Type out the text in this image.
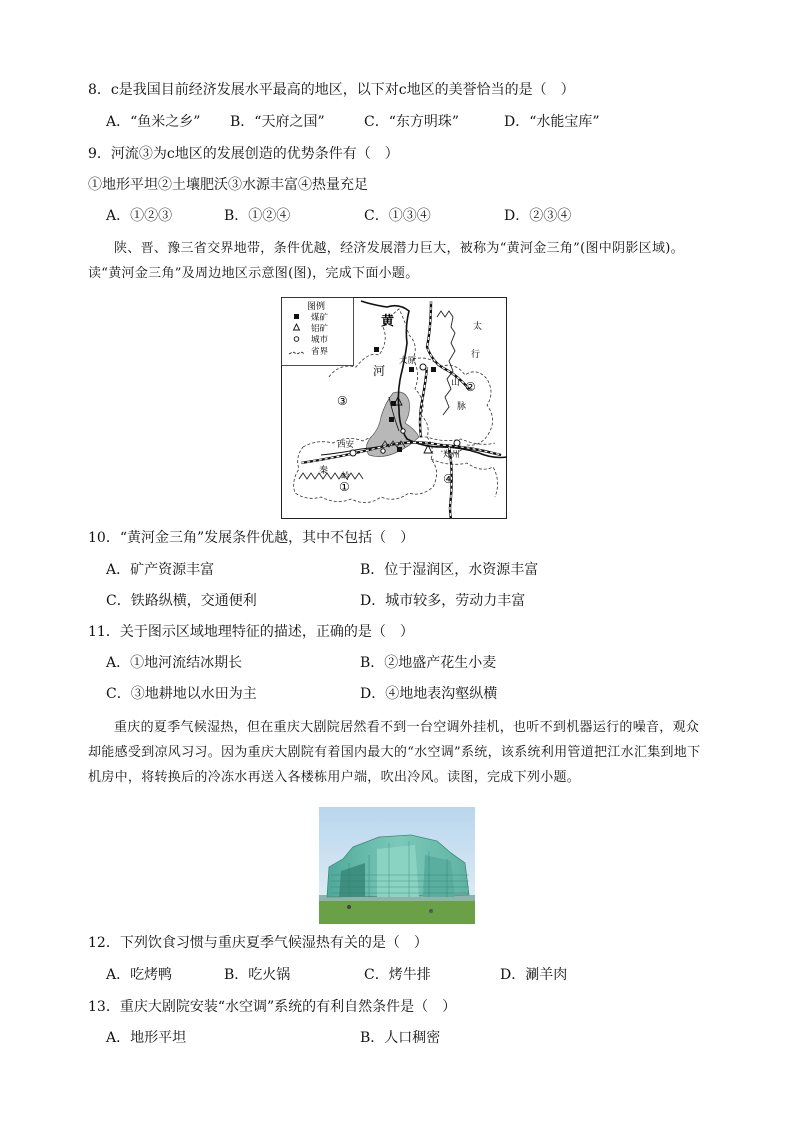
8．c是我国目前经济发展水平最高的地区，以下对c地区的美誉恰当的是（　）
A．“鱼米之乡” B．“天府之国”	C．“东方明珠”	D．“水能宝库”
9．河流③为c地区的发展创造的优势条件有（　）
①地形平坦②土壤肥沃③水源丰富④热量充足
A．①②③	B．①②④	C．①③④	D．②③④
陕、晋、豫三省交界地带，条件优越，经济发展潜力巨大，被称为“黄河金三角”(图中阴影区域)。读“黄河金三角”及周边地区示意图(图)，完成下面小题。
图例
煤矿
铝矿
城市
省界
黄
河
太原
太
行
山
脉
西安
郑州
秦
岭
①
②
③
④
10．“黄河金三角”发展条件优越，其中不包括（　）
A．矿产资源丰富	B．位于湿润区，水资源丰富
C．铁路纵横，交通便利	D．城市较多，劳动力丰富
11．关于图示区域地理特征的描述，正确的是（　）
A．①地河流结冰期长	B．②地盛产花生小麦
C．③地耕地以水田为主	D．④地地表沟壑纵横
重庆的夏季气候湿热，但在重庆大剧院居然看不到一台空调外挂机，也听不到机器运行的噪音，观众却能感受到凉风习习。因为重庆大剧院有着国内最大的“水空调”系统，该系统利用管道把江水汇集到地下机房中，将转换后的冷冻水再送入各楼栋用户端，吹出冷风。读图，完成下列小题。
12．下列饮食习惯与重庆夏季气候湿热有关的是（　）
A．吃烤鸭	B．吃火锅	C．烤牛排	D．涮羊肉
13．重庆大剧院安装“水空调”系统的有利自然条件是（　）
A．地形平坦	B．人口稠密
